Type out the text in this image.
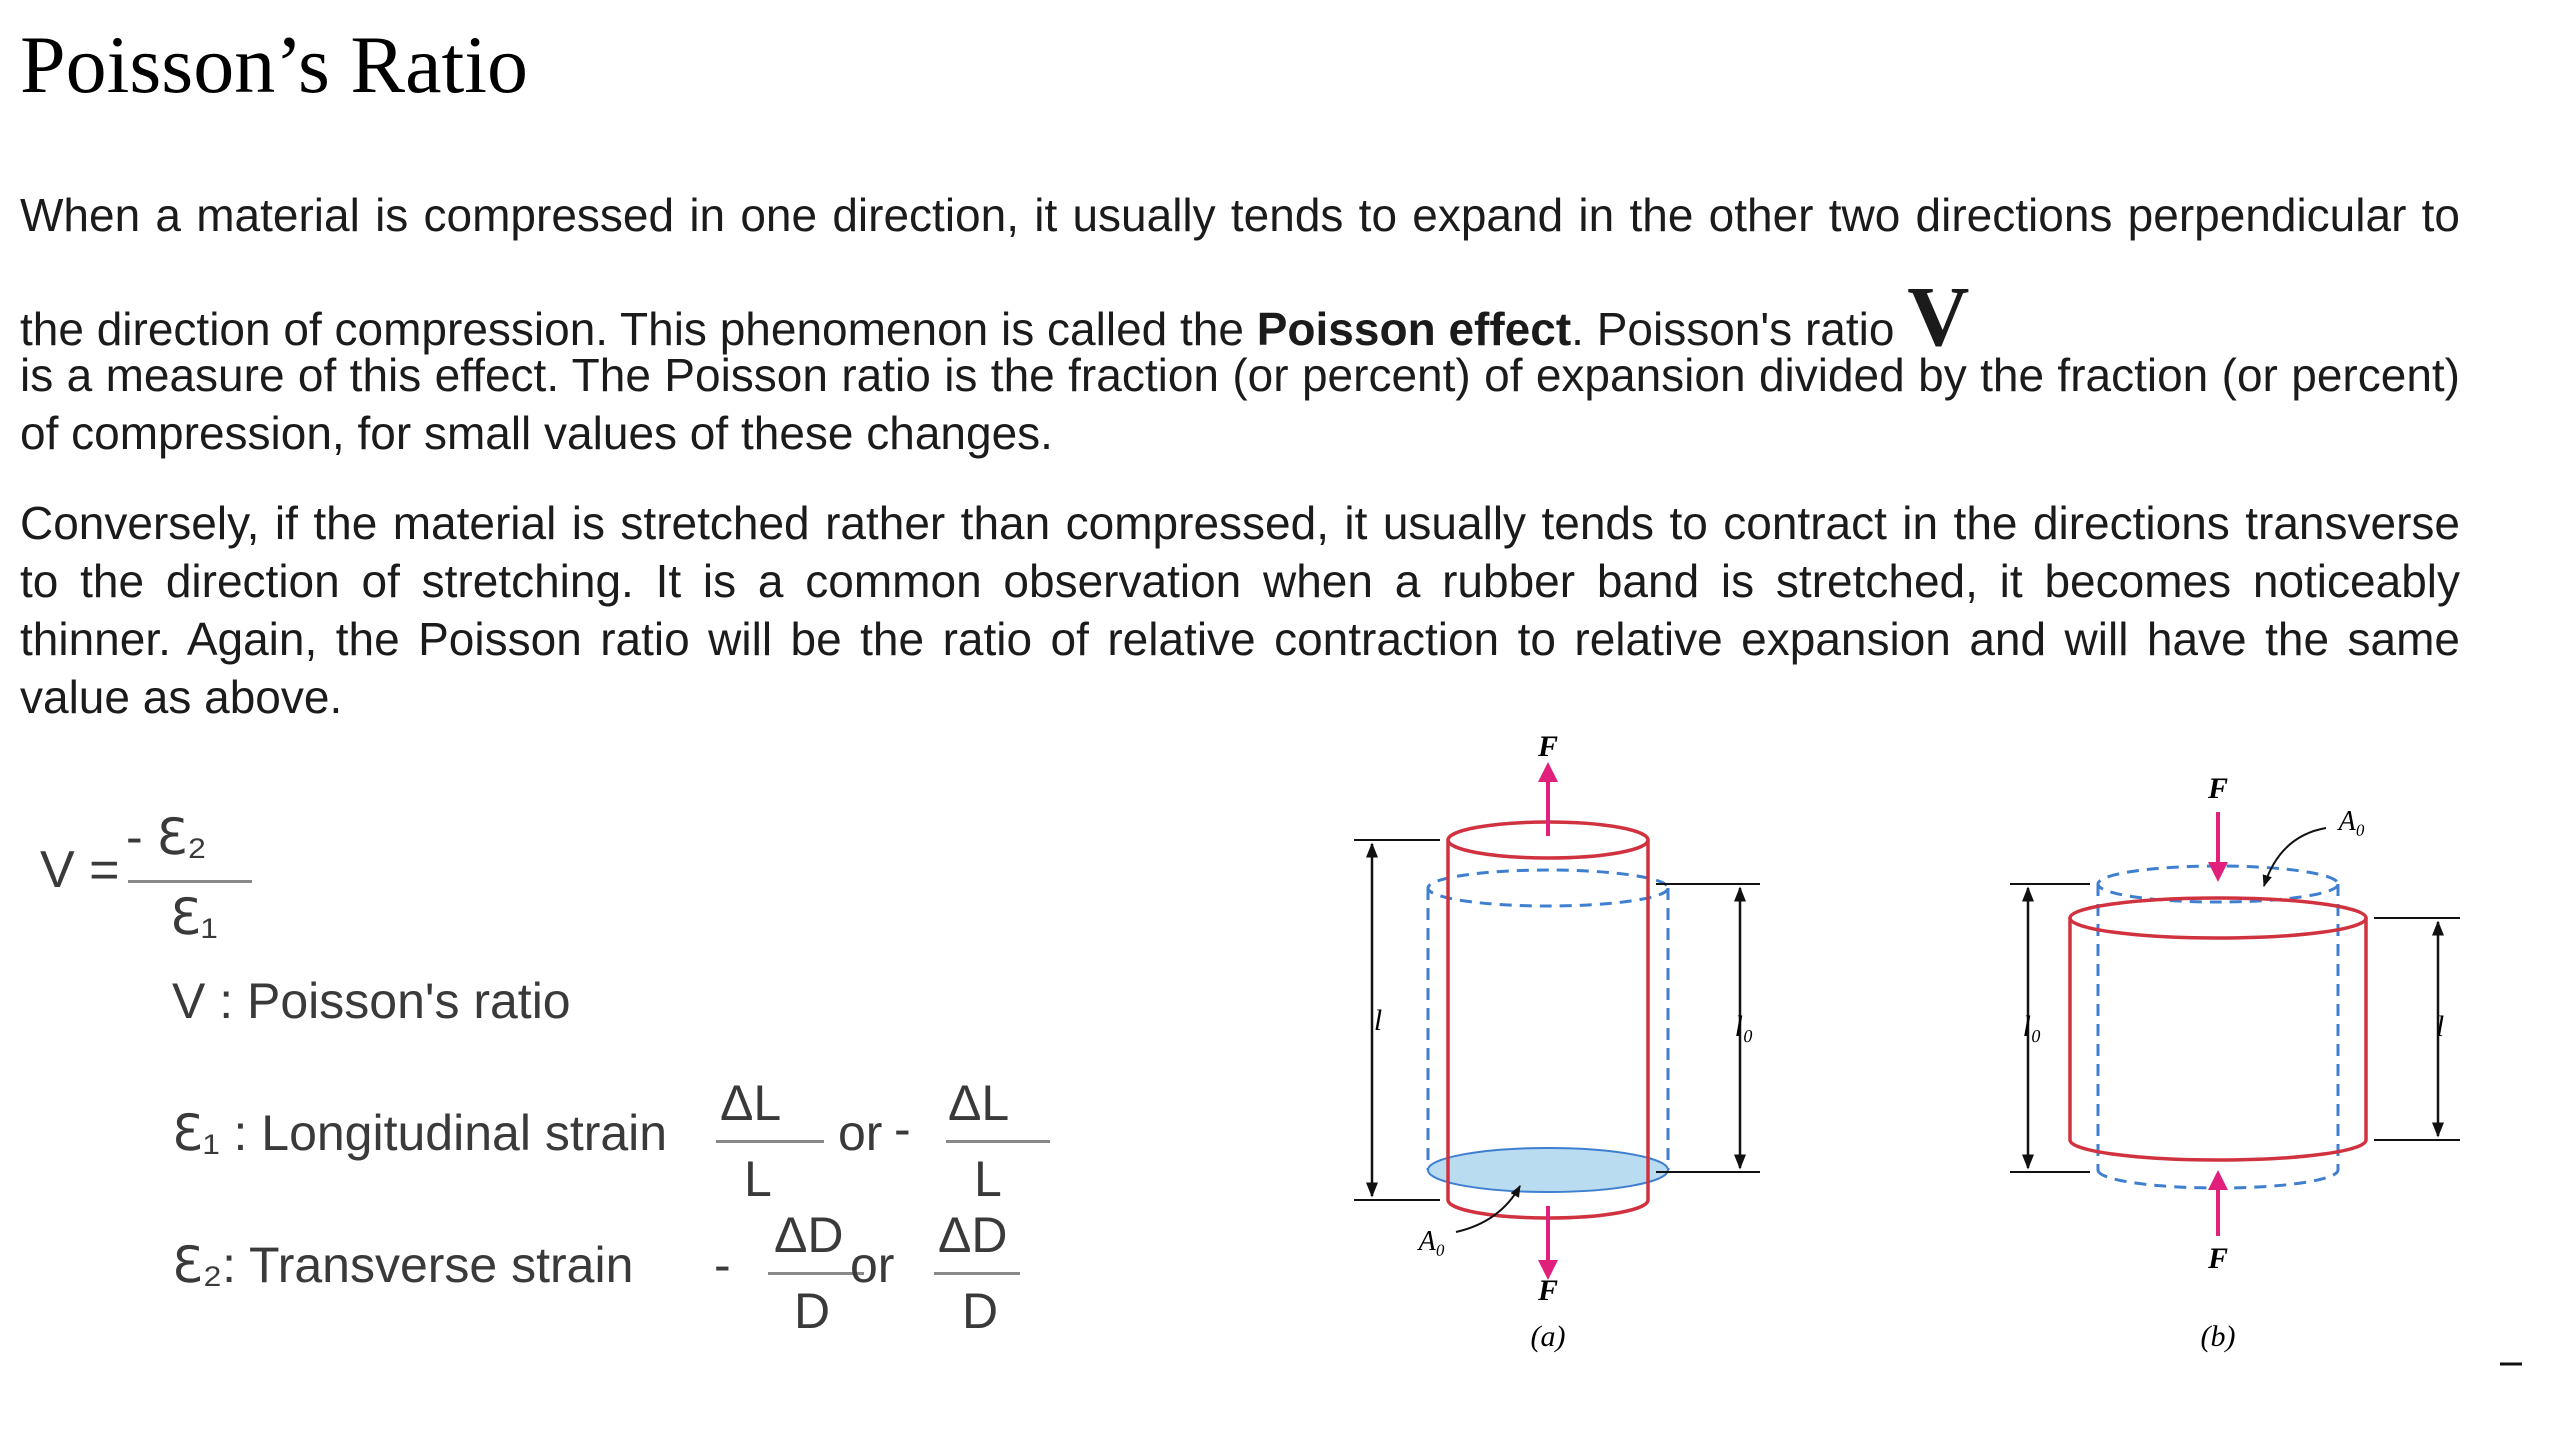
Poisson’s Ratio

When a material is compressed in one direction, it usually tends to expand in the other two directions perpendicular to the direction of compression. This phenomenon is called the Poisson effect. Poisson's ratio V

is a measure of this effect. The Poisson ratio is the fraction (or percent) of expansion divided by the fraction (or percent) of compression, for small values of these changes.

Conversely, if the material is stretched rather than compressed, it usually tends to contract in the directions transverse to the direction of stretching. It is a common observation when a rubber band is stretched, it becomes noticeably thinner. Again, the Poisson ratio will be the ratio of relative contraction to relative expansion and will have the same value as above.

V =
- ℇ₂
ℇ₁
V : Poisson's ratio
ℇ₁ : Longitudinal strain
ΔL
L
or - ΔL
L
ℇ₂: Transverse strain -
ΔD
D
or
ΔD
D
F
F
l	l₀
A₀
(a)
F
F
l₀	l
A₀
(b)
